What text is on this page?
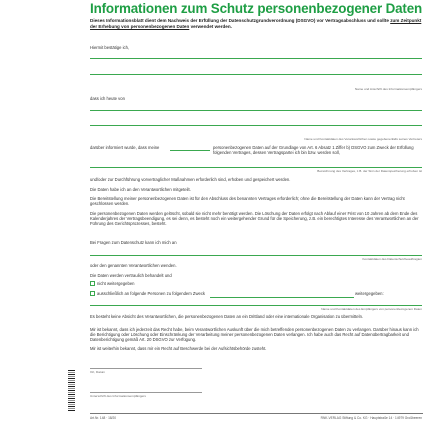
Informationen zum Schutz personenbezogener Daten
Dieses Informationsblatt dient dem Nachweis der Erfüllung der Datenschutzgrundverordnung (DSGVO) vor Vertragsabschluss und sollte zum Zeitpunkt der Erhebung von personenbezogenen Daten verwendet werden.
Hiermit bestätige ich,
Name und Anschrift des Informationsempfängers
dass ich heute von
Name und Kontaktdaten des Verantwortlichen sowie gegebenenfalls seines Vertreters
darüber informiert wurde, dass meine	personenbezogenen Daten auf der Grundlage von Art. 6 Absatz 1 Ziffer b) DSGVO zum Zweck der Erfüllung folgenden Vertrages, dessen Vertragspartei ich bin bzw. werden soll,
Bezeichnung des Vertrages, z.B. der Sinn der Datenspeicherung erhoben ist
und/oder zur Durchführung vorvertraglicher Maßnahmen erforderlich sind, erhoben und gespeichert werden.
Die Daten habe ich an den Verantwortlichen mitgeteilt.
Die Bereitstellung meiner personenbezogenen Daten ist für den Abschluss des benannten Vertrages erforderlich; ohne die Bereitstellung der Daten kann der Vertrag nicht geschlossen werden.
Die personenbezogenen Daten werden gelöscht, sobald sie nicht mehr benötigt werden. Die Löschung der Daten erfolgt nach Ablauf einer Frist von 10 Jahren ab dem Ende des Kalenderjahres der Vertragsbeendigung, es sei denn, es besteht noch ein weitergehender Grund für die Speicherung, z.B. ein berechtigtes Interesse des Verantwortlichen an der Führung des Gerichtsprozesses, besteht.
Bei Fragen zum Datenschutz kann ich mich an
Kontaktdaten des Datenschutzbeauftragten
oder den genannten Verantwortlichen wenden.
Die Daten werden vertraulich behandelt und
nicht weitergegeben
ausschließlich an folgende Personen zu folgendem Zweck	weitergegeben:
Name und Kontaktdaten des Empfängers von personenbezogenen Daten
Es besteht keine Absicht des Verantwortlichen, die personenbezogenen Daten an ein Drittland oder eine internationale Organisation zu übermitteln.
Mir ist bekannt, dass ich jederzeit das Recht habe, beim Verantwortlichen Auskunft über die mich betreffenden personenbezogenen Daten zu verlangen. Darüber hinaus kann ich die Berichtigung oder Löschung oder Einschränkung der Verarbeitung meiner personenbezogenen Daten verlangen. Ich habe auch das Recht auf Datenübertragbarkeit und Datenberichtigung gemäß Art. 20 DSGVO zur Verfügung.
Mir ist weiterhin bekannt, dass mir ein Recht auf Beschwerde bei der Aufsichtsbehörde zusteht.
Ort, Datum
Unterschrift des Informationsempfängers
Art.Nr. 148 · 18/20	RNK-VERLAG Stiftung & Co. KG · Hauptstraße 14 · 14979 Großbeeren
